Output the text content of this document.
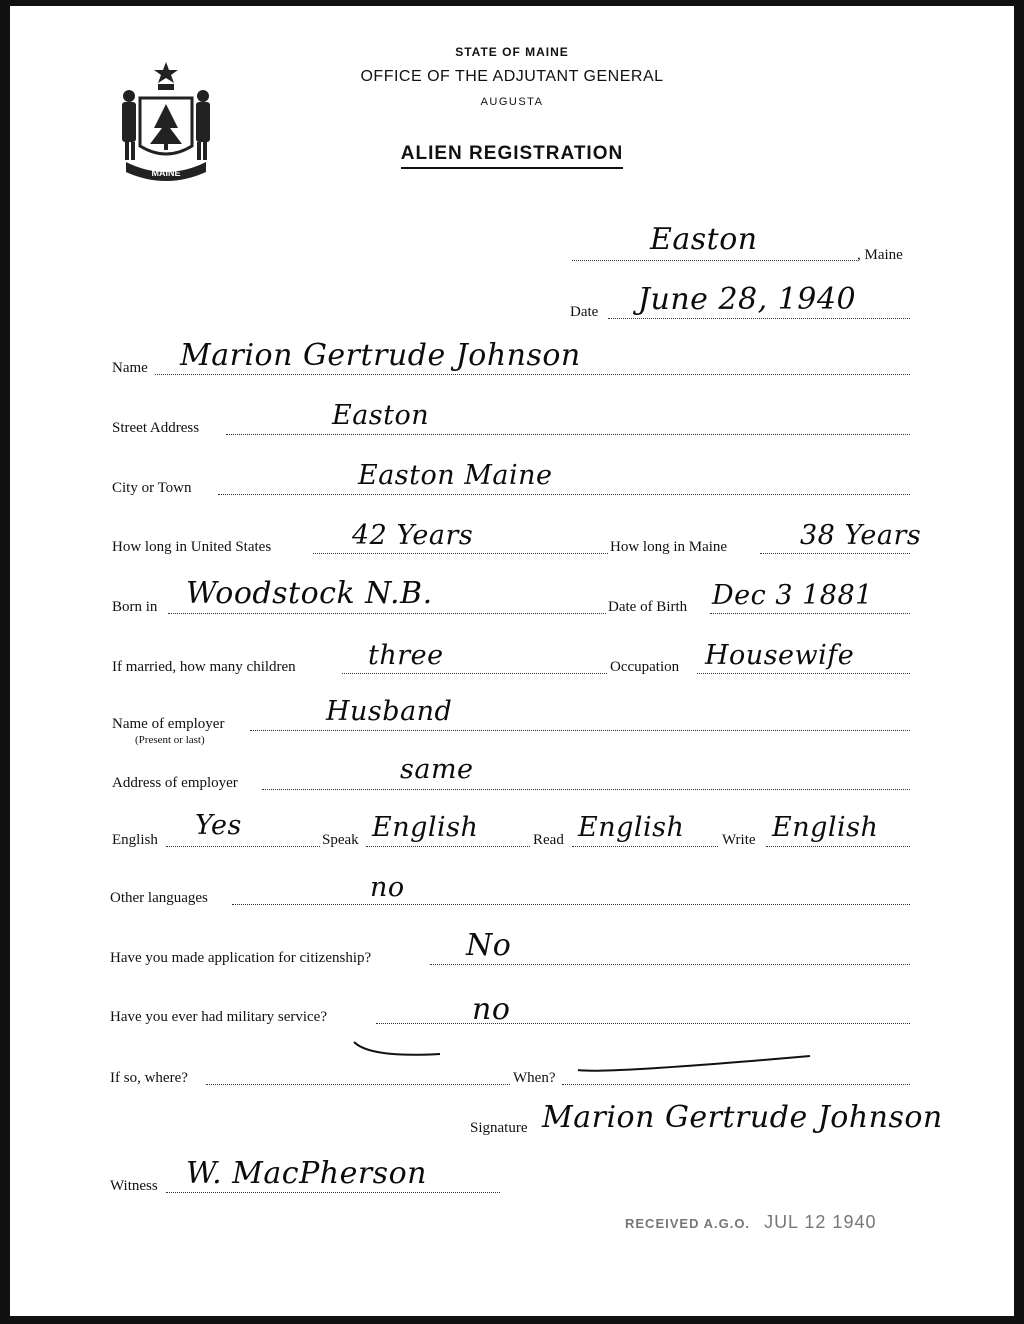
STATE OF MAINE
OFFICE OF THE ADJUTANT GENERAL
AUGUSTA
ALIEN REGISTRATION
MAINE
Easton	, Maine
Date June 28, 1940
Name Marion Gertrude Johnson
Street Address	Easton
City or Town	Easton Maine
How long in United States	42 Years	How long in Maine	38 Years
Born in Woodstock N.B.	Date of Birth Dec 3 1881
If married, how many children	three	Occupation Housewife
Name of employer
(Present or last)
Husband
Address of employer	same
English Yes	Speak English	Read English	Write English
Other languages	no
Have you made application for citizenship?	No
Have you ever had military service?	no
If so, where?	When?
Signature Marion Gertrude Johnson
Witness W. MacPherson
RECEIVED A.G.O. JUL 12 1940
